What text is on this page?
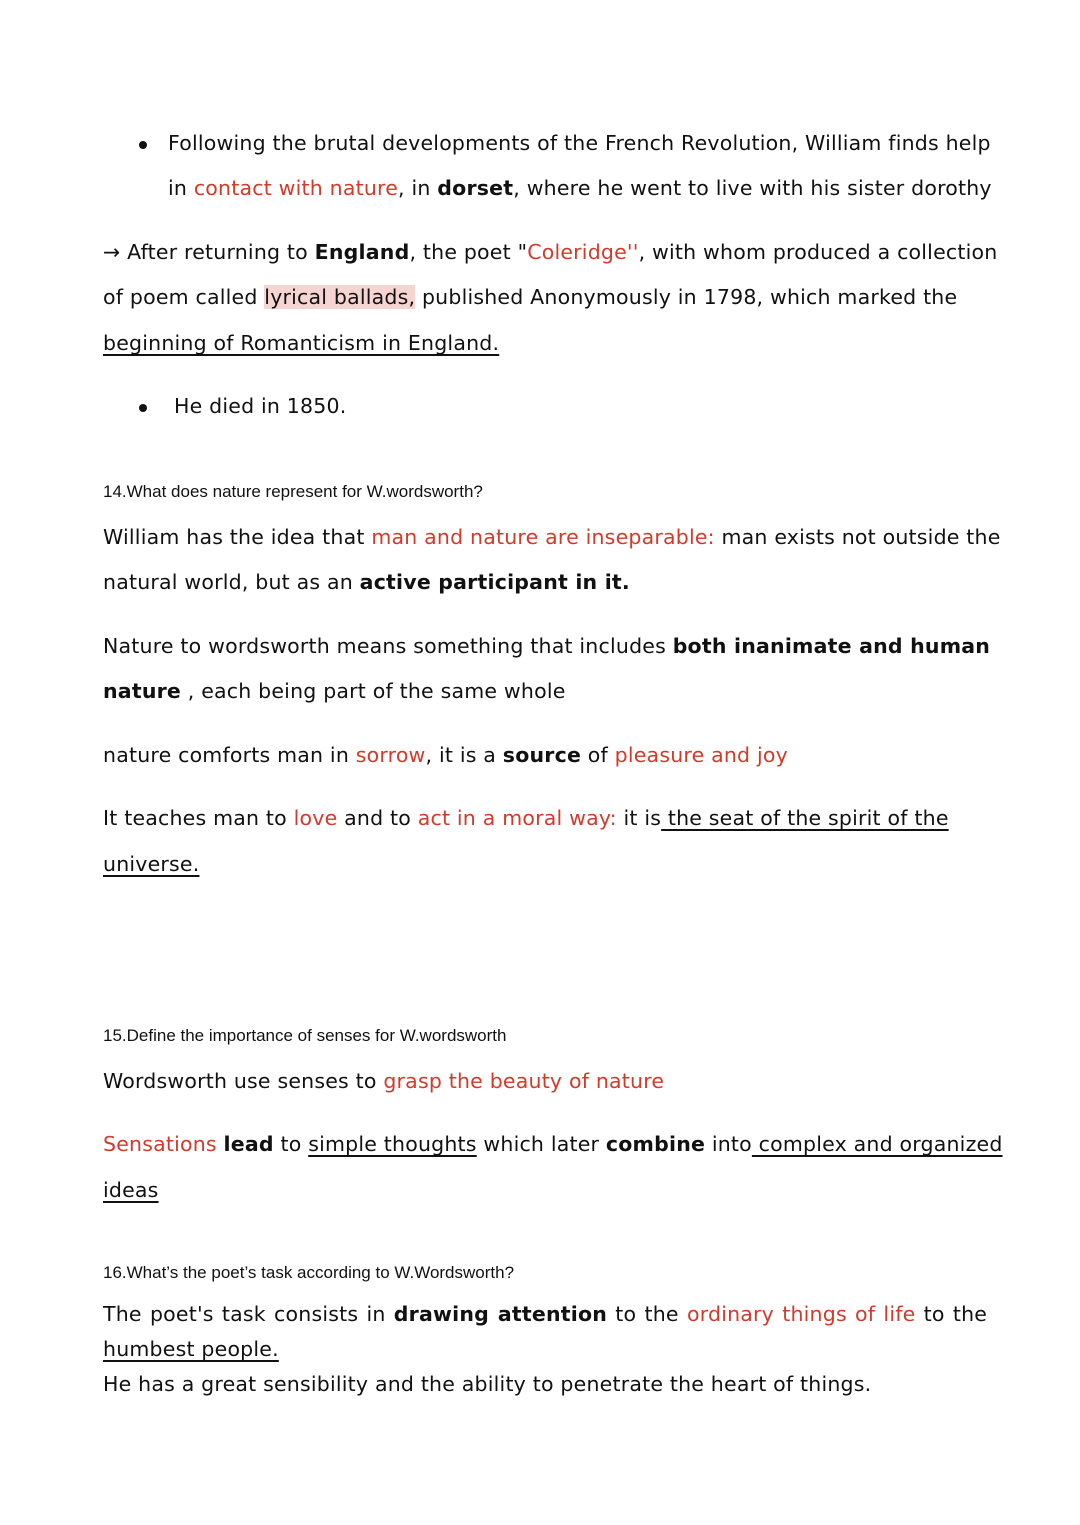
Following the brutal developments of the French Revolution, William finds help
in contact with nature, in dorset, where he went to live with his sister dorothy
→ After returning to England, the poet "Coleridge'', with whom produced a collection
of poem called lyrical ballads, published Anonymously in 1798, which marked the
beginning of Romanticism in England.
He died in 1850.
14.What does nature represent for W.wordsworth?
William has the idea that man and nature are inseparable: man exists not outside the
natural world, but as an active participant in it.
Nature to wordsworth means something that includes both inanimate and human
nature , each being part of the same whole
nature comforts man in sorrow, it is a source of pleasure and joy
It teaches man to love and to act in a moral way: it is the seat of the spirit of the
universe.
15.Define the importance of senses for W.wordsworth
Wordsworth use senses to grasp the beauty of nature
Sensations lead to simple thoughts which later combine into complex and organized
ideas
16.What’s the poet’s task according to W.Wordsworth?
The poet's task consists in drawing attention to the ordinary things of life to the
humbest people.
He has a great sensibility and the ability to penetrate the heart of things.
